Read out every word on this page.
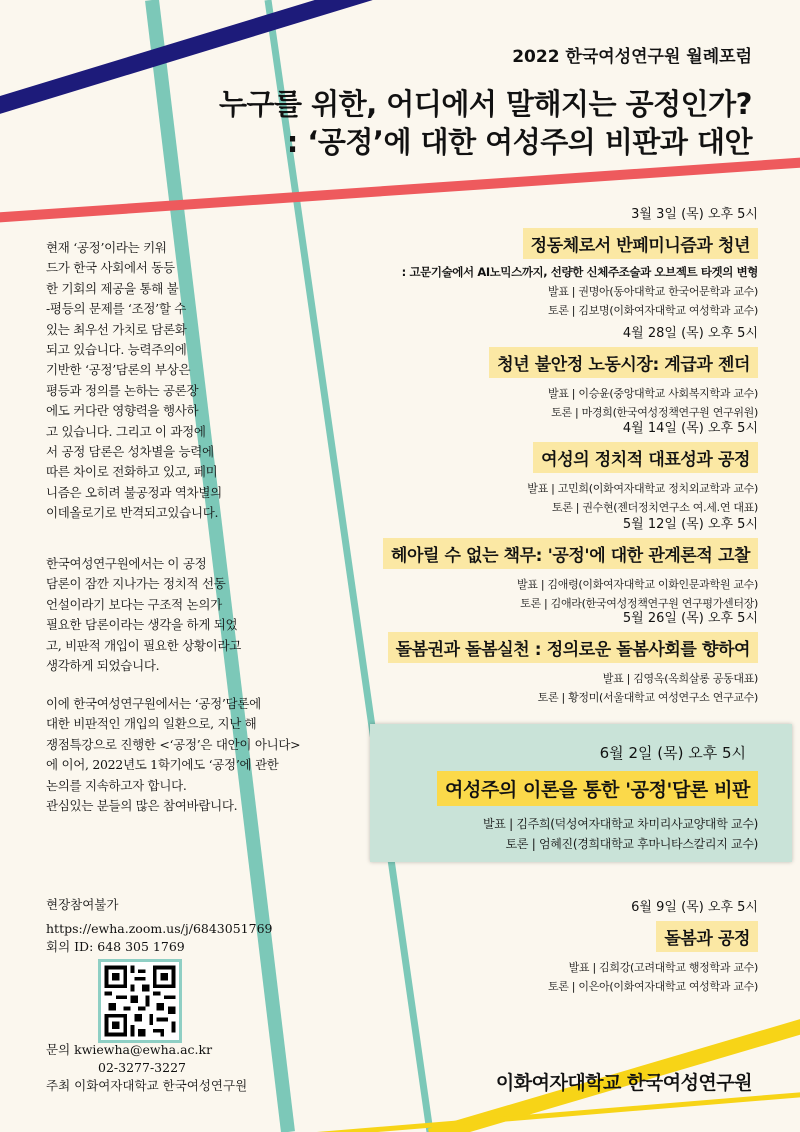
2022 한국여성연구원 월례포럼
누구를 위한, 어디에서 말해지는 공정인가?
: ‘공정’에 대한 여성주의 비판과 대안
3월 3일 (목) 오후 5시
정동체로서 반페미니즘과 청년
: 고문기술에서 AI노믹스까지, 선량한 신체주조술과 오브젝트 타겟의 변형
발표 | 권명아(동아대학교 한국어문학과 교수)
토론 | 김보명(이화여자대학교 여성학과 교수)
4월 28일 (목) 오후 5시
청년 불안정 노동시장: 계급과 젠더
발표 | 이승윤(중앙대학교 사회복지학과 교수)
토론 | 마경희(한국여성정책연구원 연구위원)
4월 14일 (목) 오후 5시
여성의 정치적 대표성과 공정
발표 | 고민희(이화여자대학교 정치외교학과 교수)
토론 | 권수현(젠더정치연구소 여.세.연 대표)
5월 12일 (목) 오후 5시
헤아릴 수 없는 책무: '공정'에 대한 관계론적 고찰
발표 | 김애령(이화여자대학교 이화인문과학원 교수)
토론 | 김애라(한국여성정책연구원 연구평가센터장)
5월 26일 (목) 오후 5시
돌봄권과 돌봄실천 : 정의로운 돌봄사회를 향하여
발표 | 김영옥(옥희살롱 공동대표)
토론 | 황정미(서울대학교 여성연구소 연구교수)
6월 2일 (목) 오후 5시
여성주의 이론을 통한 '공정'담론 비판
발표 | 김주희(덕성여자대학교 차미리사교양대학 교수)
토론 | 엄혜진(경희대학교 후마니타스칼리지 교수)
6월 9일 (목) 오후 5시
돌봄과 공정
발표 | 김희강(고려대학교 행정학과 교수)
토론 | 이은아(이화여자대학교 여성학과 교수)
현재 ‘공정’이라는 키워
드가 한국 사회에서 동등
한 기회의 제공을 통해 불
-평등의 문제를 ‘조정’할 수
있는 최우선 가치로 담론화
되고 있습니다. 능력주의에
기반한 ‘공정’담론의 부상은
평등과 정의를 논하는 공론장
에도 커다란 영향력을 행사하
고 있습니다. 그리고 이 과정에
서 공정 담론은 성차별을 능력에
따른 차이로 전화하고 있고, 페미
니즘은 오히려 불공정과 역차별의
이데올로기로 반격되고있습니다.
한국여성연구원에서는 이 공정
담론이 잠깐 지나가는 정치적 선동
언설이라기 보다는 구조적 논의가
필요한 담론이라는 생각을 하게 되었
고, 비판적 개입이 필요한 상황이라고
생각하게 되었습니다.
이에 한국여성연구원에서는 ‘공정’담론에
대한 비판적인 개입의 일환으로, 지난 해
쟁점특강으로 진행한 <‘공정’은 대안이 아니다>
에 이어, 2022년도 1학기에도 ‘공정’에 관한
논의를 지속하고자 합니다.
관심있는 분들의 많은 참여바랍니다.
현장참여불가
https://ewha.zoom.us/j/6843051769
회의 ID: 648 305 1769
문의 kwiewha@ewha.ac.kr
02-3277-3227
주최 이화여자대학교 한국여성연구원	이화여자대학교 한국여성연구원
